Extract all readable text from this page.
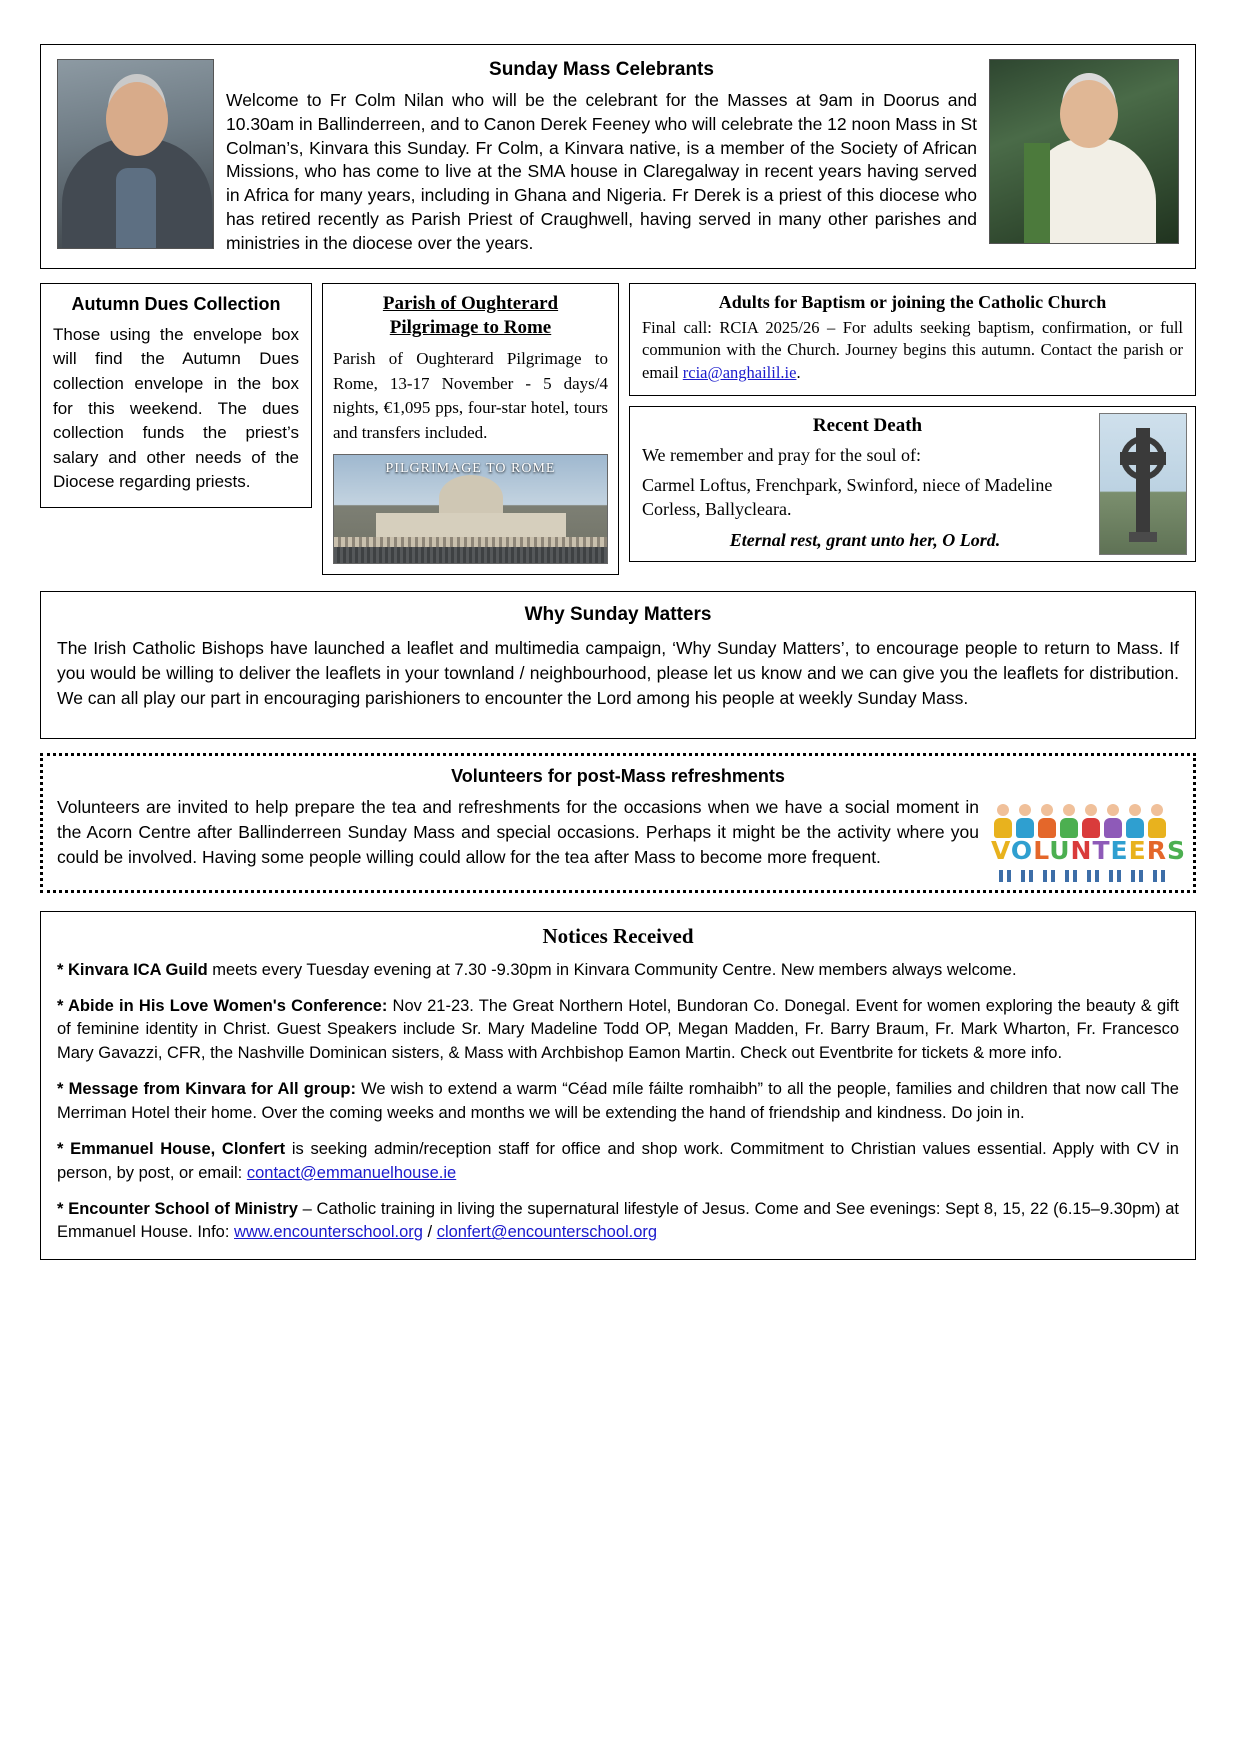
Sunday Mass Celebrants

Welcome to Fr Colm Nilan who will be the celebrant for the Masses at 9am in Doorus and 10.30am in Ballinderreen, and to Canon Derek Feeney who will celebrate the 12 noon Mass in St Colman’s, Kinvara this Sunday. Fr Colm, a Kinvara native, is a member of the Society of African Missions, who has come to live at the SMA house in Claregalway in recent years having served in Africa for many years, including in Ghana and Nigeria. Fr Derek is a priest of this diocese who has retired recently as Parish Priest of Craughwell, having served in many other parishes and ministries in the diocese over the years.

Autumn Dues Collection

Those using the envelope box will find the Autumn Dues collection envelope in the box for this weekend. The dues collection funds the priest’s salary and other needs of the Diocese regarding priests.

Parish of Oughterard
Pilgrimage to Rome

Parish of Oughterard Pilgrimage to Rome, 13-17 November - 5 days/4 nights, €1,095 pps, four-star hotel, tours and transfers included.

PILGRIMAGE TO ROME
Adults for Baptism or joining the Catholic Church

Final call: RCIA 2025/26 – For adults seeking baptism, confirmation, or full communion with the Church. Journey begins this autumn. Contact the parish or email rcia@anghailil.ie.

Recent Death

We remember and pray for the soul of:

Carmel Loftus, Frenchpark, Swinford, niece of Madeline Corless, Ballycleara.

Eternal rest, grant unto her, O Lord.
Why Sunday Matters

The Irish Catholic Bishops have launched a leaflet and multimedia campaign, ‘Why Sunday Matters’, to encourage people to return to Mass. If you would be willing to deliver the leaflets in your townland / neighbourhood, please let us know and we can give you the leaflets for distribution. We can all play our part in encouraging parishioners to encounter the Lord among his people at weekly Sunday Mass.

Volunteers for post-Mass refreshments

Volunteers are invited to help prepare the tea and refreshments for the occasions when we have a social moment in the Acorn Centre after Ballinderreen Sunday Mass and special occasions. Perhaps it might be the activity where you could be involved. Having some people willing could allow for the tea after Mass to become more frequent.	VOLUNTEERS
Notices Received

* Kinvara ICA Guild meets every Tuesday evening at 7.30 -9.30pm in Kinvara Community Centre. New members always welcome.

* Abide in His Love Women's Conference: Nov 21-23. The Great Northern Hotel, Bundoran Co. Donegal. Event for women exploring the beauty & gift of feminine identity in Christ. Guest Speakers include Sr. Mary Madeline Todd OP, Megan Madden, Fr. Barry Braum, Fr. Mark Wharton, Fr. Francesco Mary Gavazzi, CFR, the Nashville Dominican sisters, & Mass with Archbishop Eamon Martin. Check out Eventbrite for tickets & more info.

* Message from Kinvara for All group: We wish to extend a warm “Céad míle fáilte romhaibh” to all the people, families and children that now call The Merriman Hotel their home. Over the coming weeks and months we will be extending the hand of friendship and kindness. Do join in.

* Emmanuel House, Clonfert is seeking admin/reception staff for office and shop work. Commitment to Christian values essential. Apply with CV in person, by post, or email: contact@emmanuelhouse.ie

* Encounter School of Ministry – Catholic training in living the supernatural lifestyle of Jesus. Come and See evenings: Sept 8, 15, 22 (6.15–9.30pm) at Emmanuel House. Info: www.encounterschool.org / clonfert@encounterschool.org
